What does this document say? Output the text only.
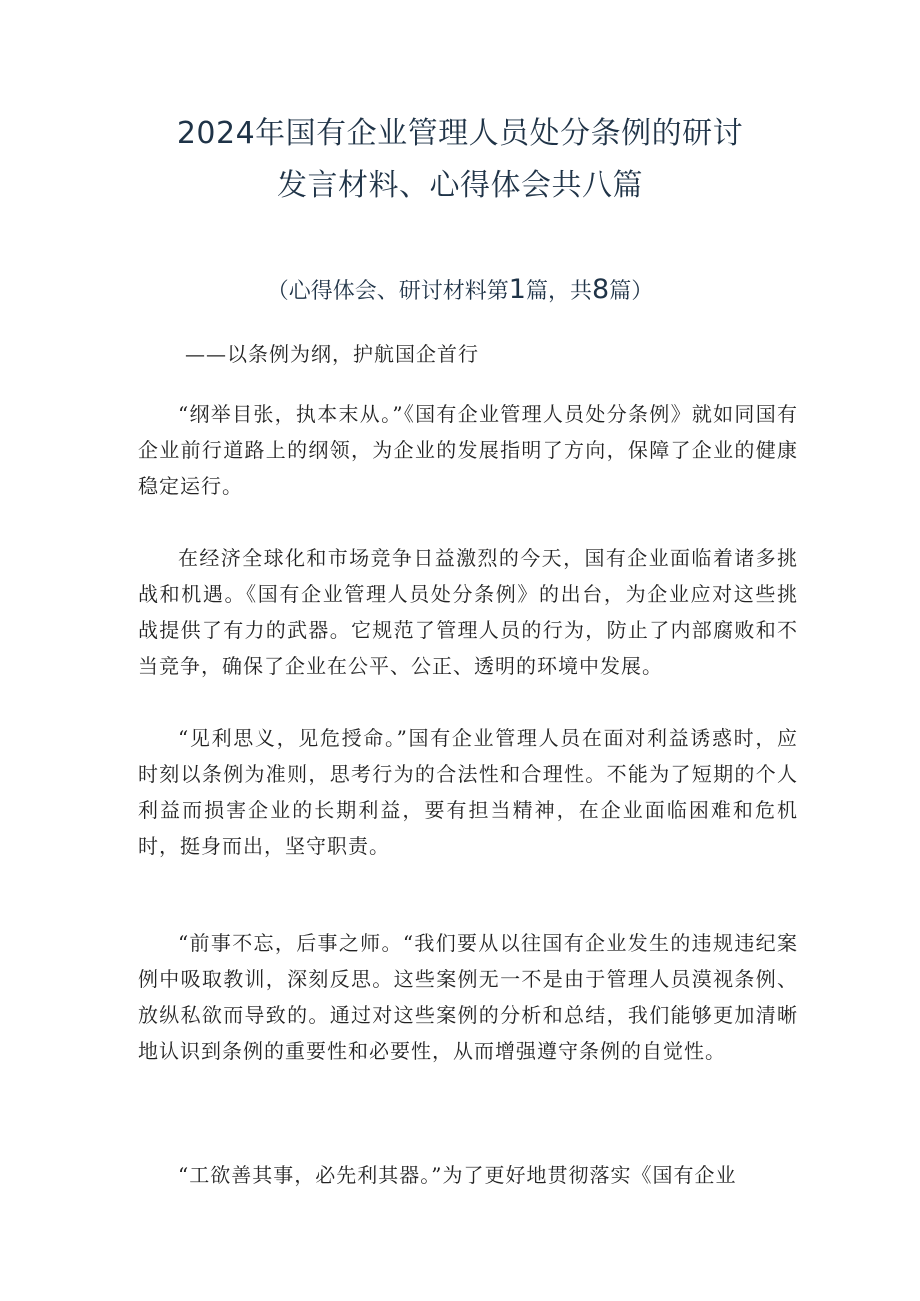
2024年国有企业管理人员处分条例的研讨
发言材料、心得体会共八篇
（心得体会、研讨材料第1篇，共8篇）
——以条例为纲，护航国企首行
“纲举目张，执本末从。”《国有企业管理人员处分条例》就如同国有企业前行道路上的纲领，为企业的发展指明了方向，保障了企业的健康稳定运行。
在经济全球化和市场竞争日益激烈的今天，国有企业面临着诸多挑战和机遇。《国有企业管理人员处分条例》的出台，为企业应对这些挑战提供了有力的武器。它规范了管理人员的行为，防止了内部腐败和不当竞争，确保了企业在公平、公正、透明的环境中发展。
“见利思义，见危授命。”国有企业管理人员在面对利益诱惑时，应时刻以条例为准则，思考行为的合法性和合理性。不能为了短期的个人利益而损害企业的长期利益，要有担当精神，在企业面临困难和危机时，挺身而出，坚守职责。
“前事不忘，后事之师。“我们要从以往国有企业发生的违规违纪案例中吸取教训，深刻反思。这些案例无一不是由于管理人员漠视条例、放纵私欲而导致的。通过对这些案例的分析和总结，我们能够更加清晰地认识到条例的重要性和必要性，从而增强遵守条例的自觉性。
“工欲善其事，必先利其器。”为了更好地贯彻落实《国有企业
